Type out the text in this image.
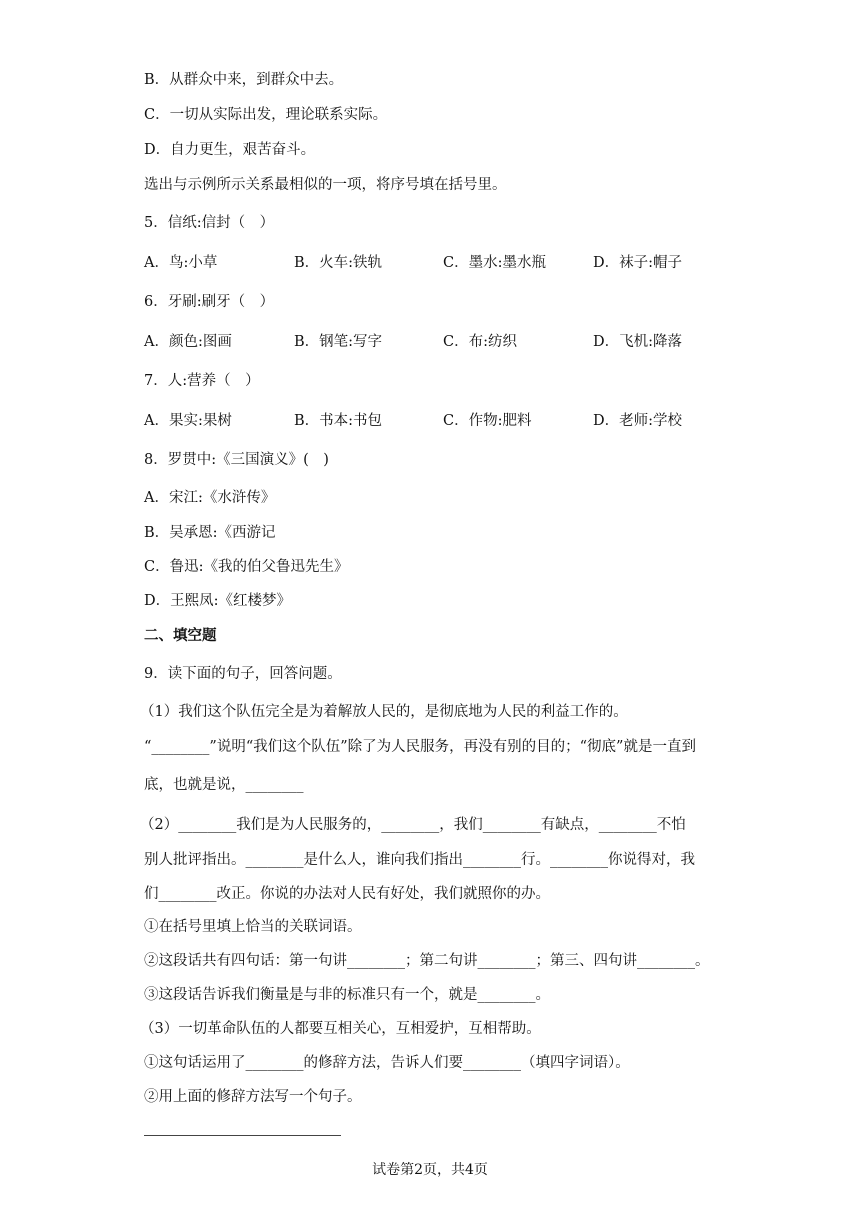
B．从群众中来，到群众中去。
C．一切从实际出发，理论联系实际。
D．自力更生，艰苦奋斗。
选出与示例所示关系最相似的一项，将序号填在括号里。
5．信纸:信封（　）
A．鸟:小草	B．火车:铁轨	C．墨水:墨水瓶	D．袜子:帽子
6．牙刷:刷牙（　）
A．颜色:图画	B．钢笔:写字	C．布:纺织	D．飞机:降落
7．人:营养（　）
A．果实:果树	B．书本:书包	C．作物:肥料	D．老师:学校
8．罗贯中:《三国演义》(　)
A．宋江:《水浒传》
B．吴承恩:《西游记
C．鲁迅:《我的伯父鲁迅先生》
D．王熙凤:《红楼梦》
二、填空题
9．读下面的句子，回答问题。
（1）我们这个队伍完全是为着解放人民的，是彻底地为人民的利益工作的。
“________”说明“我们这个队伍”除了为人民服务，再没有别的目的；“彻底”就是一直到
底，也就是说，________
（2）________我们是为人民服务的，________，我们________有缺点，________不怕
别人批评指出。________是什么人，谁向我们指出________行。________你说得对，我
们________改正。你说的办法对人民有好处，我们就照你的办。
①在括号里填上恰当的关联词语。
②这段话共有四句话：第一句讲________；第二句讲________；第三、四句讲________。
③这段话告诉我们衡量是与非的标准只有一个，就是________。
（3）一切革命队伍的人都要互相关心，互相爱护，互相帮助。
①这句话运用了________的修辞方法，告诉人们要________（填四字词语）。
②用上面的修辞方法写一个句子。
试卷第2页，共4页
